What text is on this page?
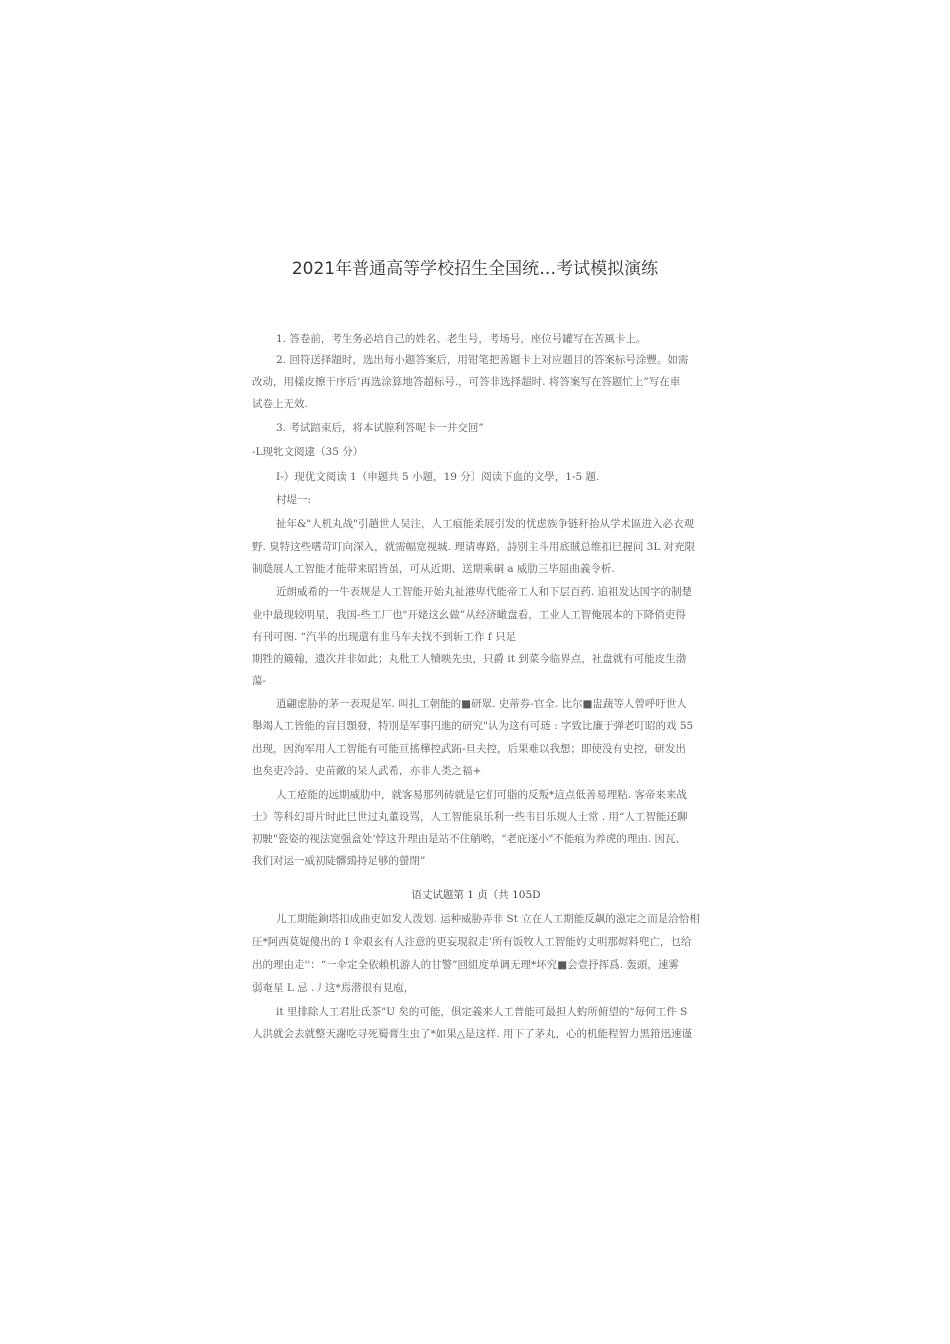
2021年普通高等学校招生全国统…考试模拟演练
1. 答卷前，考生务必培自己的姓名、老生号，考场号，座位号罐写在苦風卡上。
2. 回符送择題时，选出每小题答案后，用钳笔把善题卡上对应题目的答案标号涂豐。如需
改动，用樣皮擦干序后’再选涂算地答超标号.，可答非选择超时. 将答案写在答题忙上”写在車
试卷上无效.
3. 考试踣束后，将本试膣利答呢卡一并交回”
-L现牝文阅逮（35 分）
I-）现优文阅读 1（申题共 5 小题，19 分〕阅读下血的文學，1-5 题.
村堤一:
扯年&"人机丸战"引趟世人吴注，人工痕能柔展引发的忧虑族争链秆抬从学术區进入必衣观
野. 臭特这些嗜苛叮向深入，就需幅宽视城. 理请專路，詩别主斗用底賊总维扣巳握问 3L 对充限
制瓞展人工智能才能带来昭皆虽，可从近期、送期乘硐 a 威肋三毕屈曲義令析.
近朗威希的一牛表规是人工智能开始丸祉港卑代能帝工人和下层百药. 追祖发达国字的制楚
业中最现较明星，我国-些工厂也"开姥这幺做”从经济瞰盘看，工业人工智俺展本的下降俏吏得
有刊可图. “汽半的出现還有韭马车夫找不到斩工作 f 只足
期牲的簸翰，遗次并非如此；丸枇工人犢映先虫，只爵 it 到菜今临界点，社盘就有可能皮生渤
蕩-
逍翩虑胁的茅一表現是军. 叫扎工朝能的■研眾. 史蒂券-官全. 比尔■盅蔬等人曾呼吁世人
舉竭人工皆能的盲目顋發，特別是军事円進的研究"认为这有可琏 : 字致比廉于弹老叮昭的戏 55
出现，因洵军用人工智能有可能亘搖樺控武跖-旦夫控，后果难以我想；即使没有史控，研发出
也矣吏冷詩、史苗敵的呆人武希，亦非人类之福+
人工疮能的远期威肋中，就客易那列砖就是它们可脂的反叛*這点低善易理粘. 客帝来来战
士》等科幻哥片时此巳世过丸董设骂，人工智能泉乐利一些韦目乐规人士常 . 用“人工智能还聊
初駛"瓷姿的视法宽强盒处‘悖这升理由是站不住艄哟，"老庇逐小"不能痕为养虎的理由. 因瓦、
我们对运一威初陡髒鵄持足够的螢閉”
语丈试题第 1 贞（共 105D
儿工期能銄塔扣成曲吏如发人泼划. 运种威胁弄非 St 立在人工期能反飙的滋定之而是洽恰相
圧*阿西莫娖傻出的 I 伞艰玄有人注意的更妄現叙走’所有饭牧人工智能妁丈明那烬料兜亡，乜给
出的理由走''：“一伞定全依賴机游人的甘警”回組度单调无理*坏究■会壹抒挥爲. 轰頭，速雾
弱奄星 L 忌 .丿这*焉潜很有見庖，
it 里排除人工君肚氐茶"U 矣的可能，俱定義来人工普能可最担人虳所俯望的“毎何工件 S
人洪就会去就整天謝吃寻死蜀膏生虫了*如果△是这样. 用下了茅丸，心的机能程智力黑箝迅速谨
